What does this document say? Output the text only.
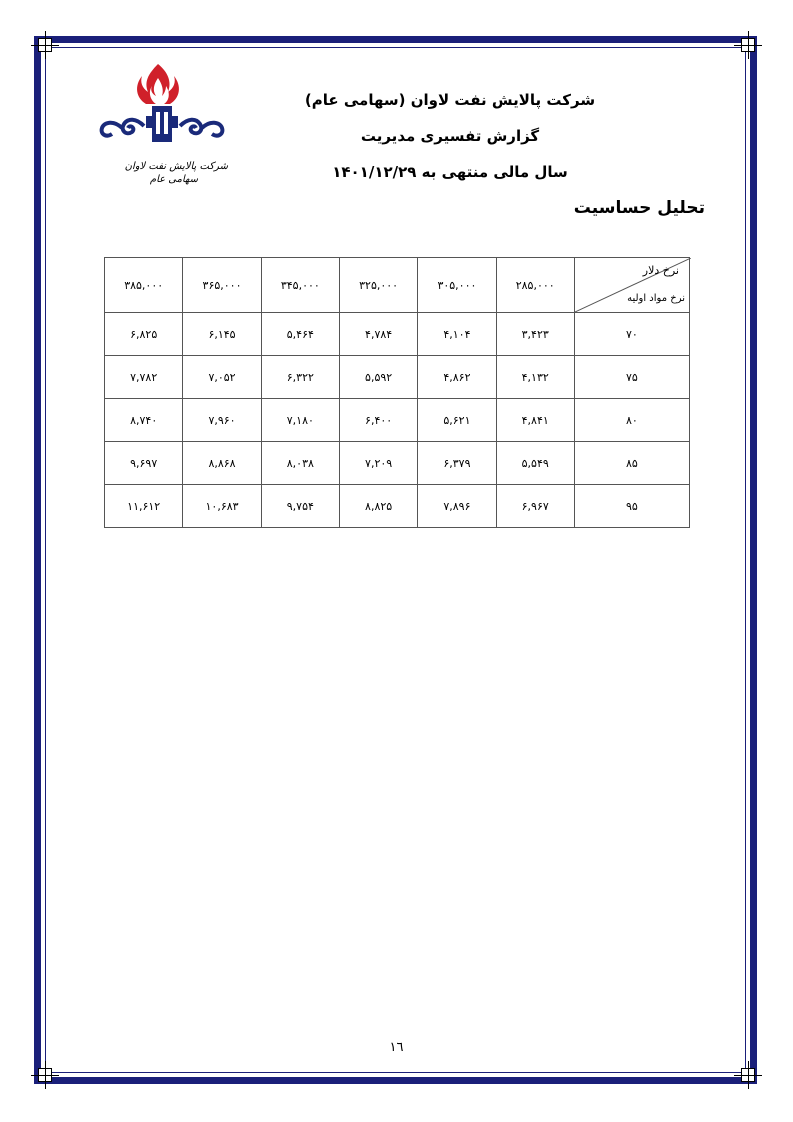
شرکت پالایش نفت لاوان
سهامی عام
شرکت پالایش نفت لاوان (سهامی عام)
گزارش تفسیری مدیریت
سال مالی منتهی به ۱۴۰۱/۱۲/۲۹
تحلیل حساسیت
نرخ دلار
نرخ مواد اولیه	۲۸۵,۰۰۰	۳۰۵,۰۰۰	۳۲۵,۰۰۰	۳۴۵,۰۰۰	۳۶۵,۰۰۰	۳۸۵,۰۰۰
۷۰	۳,۴۲۳	۴,۱۰۴	۴,۷۸۴	۵,۴۶۴	۶,۱۴۵	۶,۸۲۵
۷۵	۴,۱۳۲	۴,۸۶۲	۵,۵۹۲	۶,۳۲۲	۷,۰۵۲	۷,۷۸۲
۸۰	۴,۸۴۱	۵,۶۲۱	۶,۴۰۰	۷,۱۸۰	۷,۹۶۰	۸,۷۴۰
۸۵	۵,۵۴۹	۶,۳۷۹	۷,۲۰۹	۸,۰۳۸	۸,۸۶۸	۹,۶۹۷
۹۵	۶,۹۶۷	۷,۸۹۶	۸,۸۲۵	۹,۷۵۴	۱۰,۶۸۳	۱۱,۶۱۲
١٦
